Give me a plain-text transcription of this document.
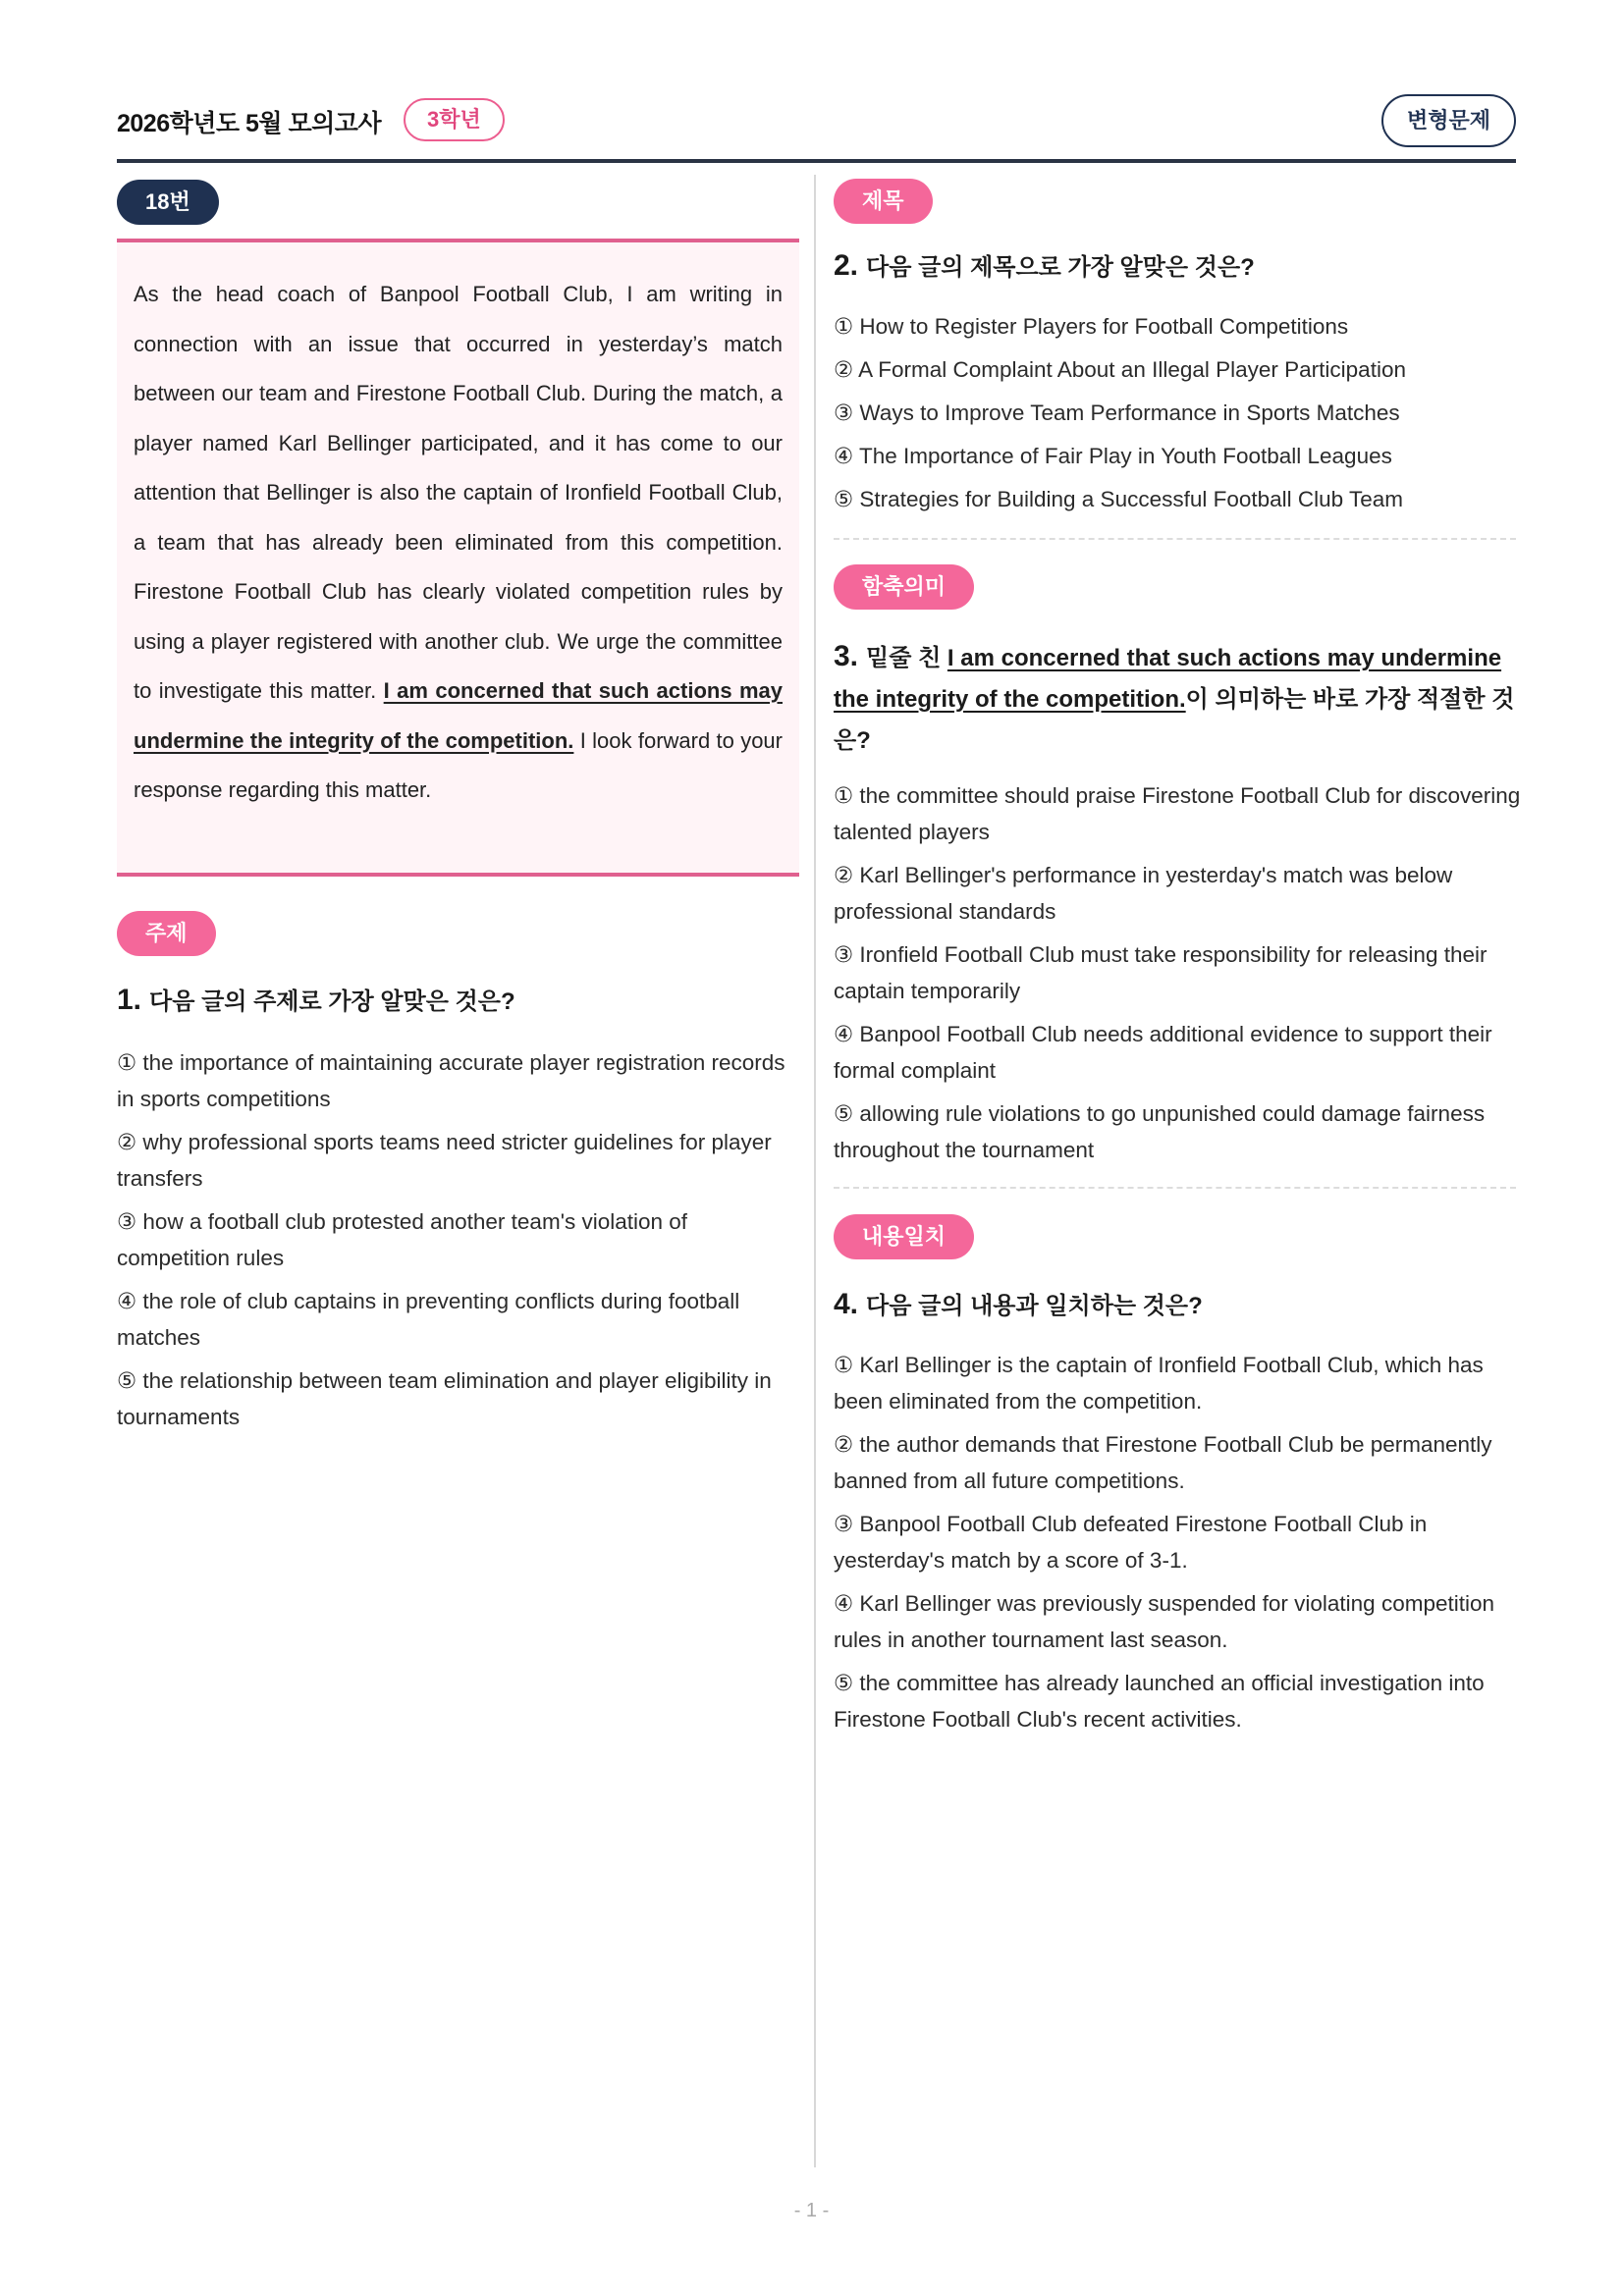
2026학년도 5월 모의고사	3학년	변형문제
18번

As the head coach of Banpool Football Club, I am writing in connection with an issue that occurred in yesterday’s match between our team and Firestone Football Club. During the match, a player named Karl Bellinger participated, and it has come to our attention that Bellinger is also the captain of Ironfield Football Club, a team that has already been eliminated from this competition. Firestone Football Club has clearly violated competition rules by using a player registered with another club. We urge the committee to investigate this matter. I am concerned that such actions may undermine the integrity of the competition. I look forward to your response regarding this matter.

주제
1. 다음 글의 주제로 가장 알맞은 것은?
① the importance of maintaining accurate player registration records in sports competitions
② why professional sports teams need stricter guidelines for player transfers
③ how a football club protested another team's violation of competition rules
④ the role of club captains in preventing conflicts during football matches
⑤ the relationship between team elimination and player eligibility in tournaments
제목
2. 다음 글의 제목으로 가장 알맞은 것은?
① How to Register Players for Football Competitions
② A Formal Complaint About an Illegal Player Participation
③ Ways to Improve Team Performance in Sports Matches
④ The Importance of Fair Play in Youth Football Leagues
⑤ Strategies for Building a Successful Football Club Team
함축의미
3. 밑줄 친 I am concerned that such actions may undermine the integrity of the competition.이 의미하는 바로 가장 적절한 것은?
① the committee should praise Firestone Football Club for discovering talented players
② Karl Bellinger's performance in yesterday's match was below professional standards
③ Ironfield Football Club must take responsibility for releasing their captain temporarily
④ Banpool Football Club needs additional evidence to support their formal complaint
⑤ allowing rule violations to go unpunished could damage fairness throughout the tournament
내용일치
4. 다음 글의 내용과 일치하는 것은?
① Karl Bellinger is the captain of Ironfield Football Club, which has been eliminated from the competition.
② the author demands that Firestone Football Club be permanently banned from all future competitions.
③ Banpool Football Club defeated Firestone Football Club in yesterday's match by a score of 3-1.
④ Karl Bellinger was previously suspended for violating competition rules in another tournament last season.
⑤ the committee has already launched an official investigation into Firestone Football Club's recent activities.
- 1 -
